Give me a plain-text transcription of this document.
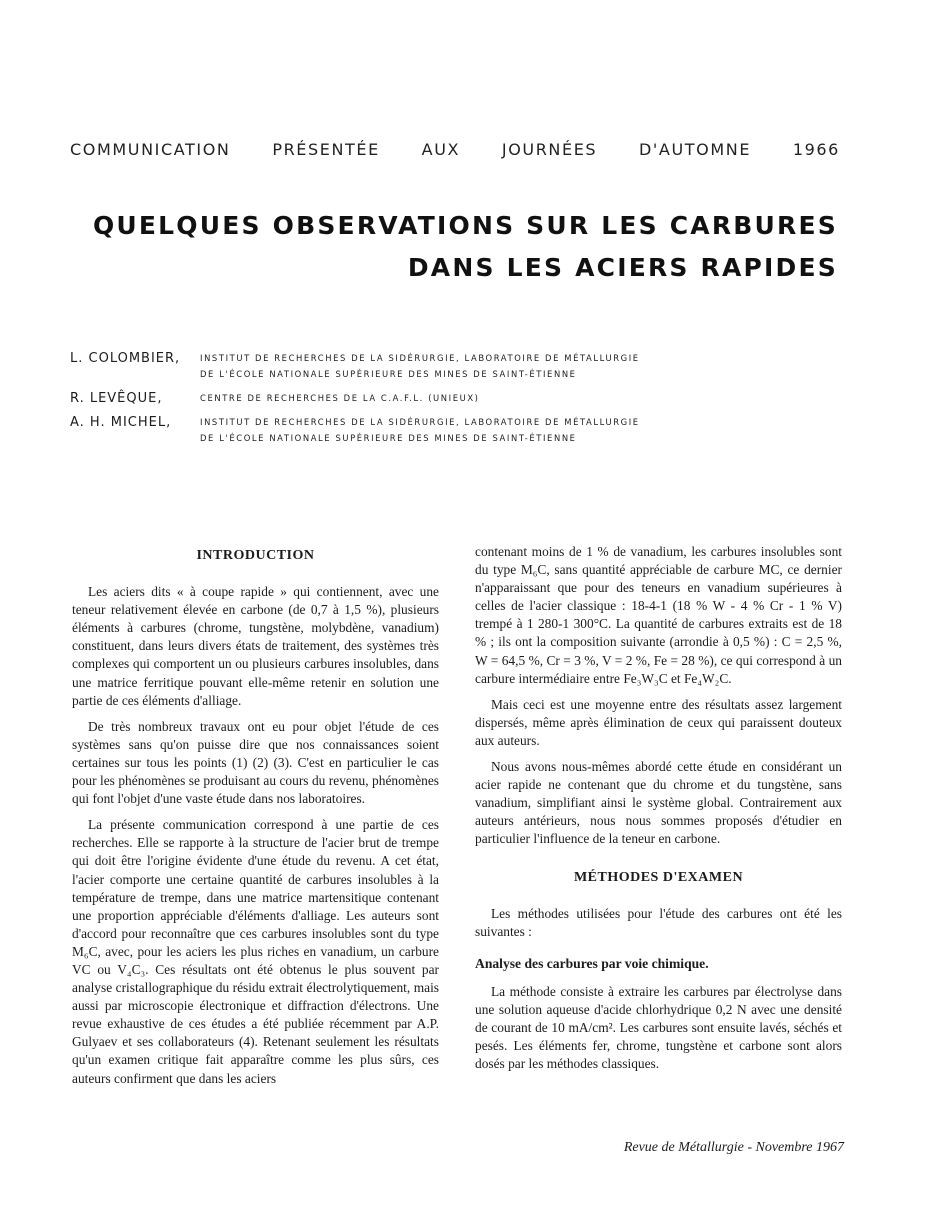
COMMUNICATION	PRÉSENTÉE	AUX	JOURNÉES	D'AUTOMNE	1966
QUELQUES OBSERVATIONS SUR LES CARBURES
DANS LES ACIERS RAPIDES
L. COLOMBIER,	INSTITUT DE RECHERCHES DE LA SIDÉRURGIE, LABORATOIRE DE MÉTALLURGIE
DE L'ÉCOLE NATIONALE SUPÉRIEURE DES MINES DE SAINT-ÉTIENNE
R. LEVÊQUE,	CENTRE DE RECHERCHES DE LA C.A.F.L. (UNIEUX)
A. H. MICHEL,	INSTITUT DE RECHERCHES DE LA SIDÉRURGIE, LABORATOIRE DE MÉTALLURGIE
DE L'ÉCOLE NATIONALE SUPÉRIEURE DES MINES DE SAINT-ÉTIENNE
INTRODUCTION

Les aciers dits « à coupe rapide » qui contiennent, avec une teneur relativement élevée en carbone (de 0,7 à 1,5 %), plusieurs éléments à carbures (chrome, tungstène, molybdène, vanadium) constituent, dans leurs divers états de traitement, des systèmes très complexes qui comportent un ou plusieurs carbures insolubles, dans une matrice ferritique pouvant elle-même retenir en solution une partie de ces éléments d'alliage.

De très nombreux travaux ont eu pour objet l'étude de ces systèmes sans qu'on puisse dire que nos connaissances soient certaines sur tous les points (1) (2) (3). C'est en particulier le cas pour les phénomènes se produisant au cours du revenu, phénomènes qui font l'objet d'une vaste étude dans nos laboratoires.

La présente communication correspond à une partie de ces recherches. Elle se rapporte à la structure de l'acier brut de trempe qui doit être l'origine évidente d'une étude du revenu. A cet état, l'acier comporte une certaine quantité de carbures insolubles à la température de trempe, dans une matrice martensitique contenant une proportion appréciable d'éléments d'alliage. Les auteurs sont d'accord pour reconnaître que ces carbures insolubles sont du type M₆C, avec, pour les aciers les plus riches en vanadium, un carbure VC ou V₄C₃. Ces résultats ont été obtenus le plus souvent par analyse cristallographique du résidu extrait électrolytiquement, mais aussi par microscopie électronique et diffraction d'électrons. Une revue exhaustive de ces études a été publiée récemment par A.P. Gulyaev et ses collaborateurs (4). Retenant seulement les résultats qu'un examen critique fait apparaître comme les plus sûrs, ces auteurs confirment que dans les aciers

contenant moins de 1 % de vanadium, les carbures insolubles sont du type M₆C, sans quantité appréciable de carbure MC, ce dernier n'apparaissant que pour des teneurs en vanadium supérieures à celles de l'acier classique : 18-4-1 (18 % W - 4 % Cr - 1 % V) trempé à 1 280-1 300°C. La quantité de carbures extraits est de 18 % ; ils ont la composition suivante (arrondie à 0,5 %) : C = 2,5 %, W = 64,5 %, Cr = 3 %, V = 2 %, Fe = 28 %), ce qui correspond à un carbure intermédiaire entre Fe₃W₃C et Fe₄W₂C.

Mais ceci est une moyenne entre des résultats assez largement dispersés, même après élimination de ceux qui paraissent douteux aux auteurs.

Nous avons nous-mêmes abordé cette étude en considérant un acier rapide ne contenant que du chrome et du tungstène, sans vanadium, simplifiant ainsi le système global. Contrairement aux auteurs antérieurs, nous nous sommes proposés d'étudier en particulier l'influence de la teneur en carbone.

MÉTHODES D'EXAMEN

Les méthodes utilisées pour l'étude des carbures ont été les suivantes :

Analyse des carbures par voie chimique.

La méthode consiste à extraire les carbures par électrolyse dans une solution aqueuse d'acide chlorhydrique 0,2 N avec une densité de courant de 10 mA/cm². Les carbures sont ensuite lavés, séchés et pesés. Les éléments fer, chrome, tungstène et carbone sont alors dosés par les méthodes classiques.

Revue de Métallurgie - Novembre 1967
